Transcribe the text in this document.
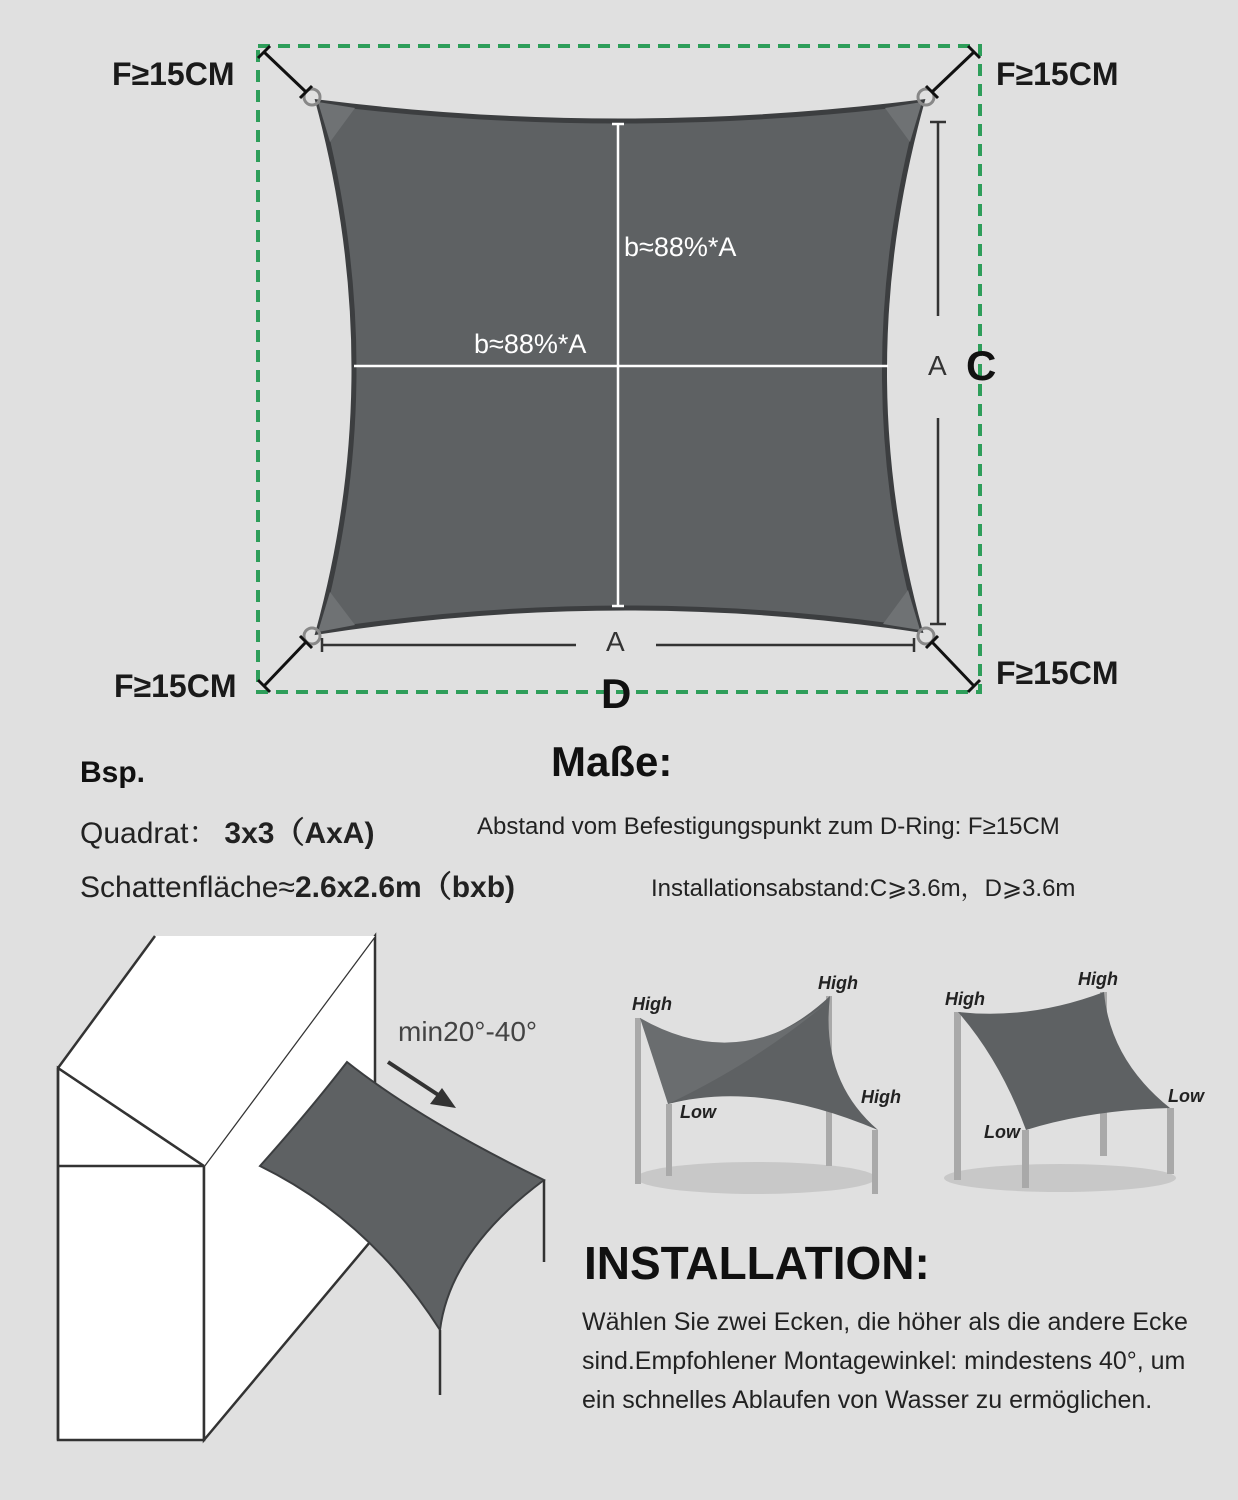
F≥15CM	F≥15CM
F≥15CM	F≥15CM
b≈88%*A
b≈88%*A
A
A
C
D
Maße:
Bsp.
Quadrat： 3x3（AxA)	Abstand vom Befestigungspunkt zum D-Ring: F≥15CM
Schattenfläche≈2.6x2.6m（bxb)	Installationsabstand:C⩾3.6m，D⩾3.6m
min20°-40°
High
High
High
Low
High
High
Low
Low
INSTALLATION:
Wählen Sie zwei Ecken, die höher als die andere Ecke sind.Empfohlener Montagewinkel: mindestens 40°, um ein schnelles Ablaufen von Wasser zu ermöglichen.
